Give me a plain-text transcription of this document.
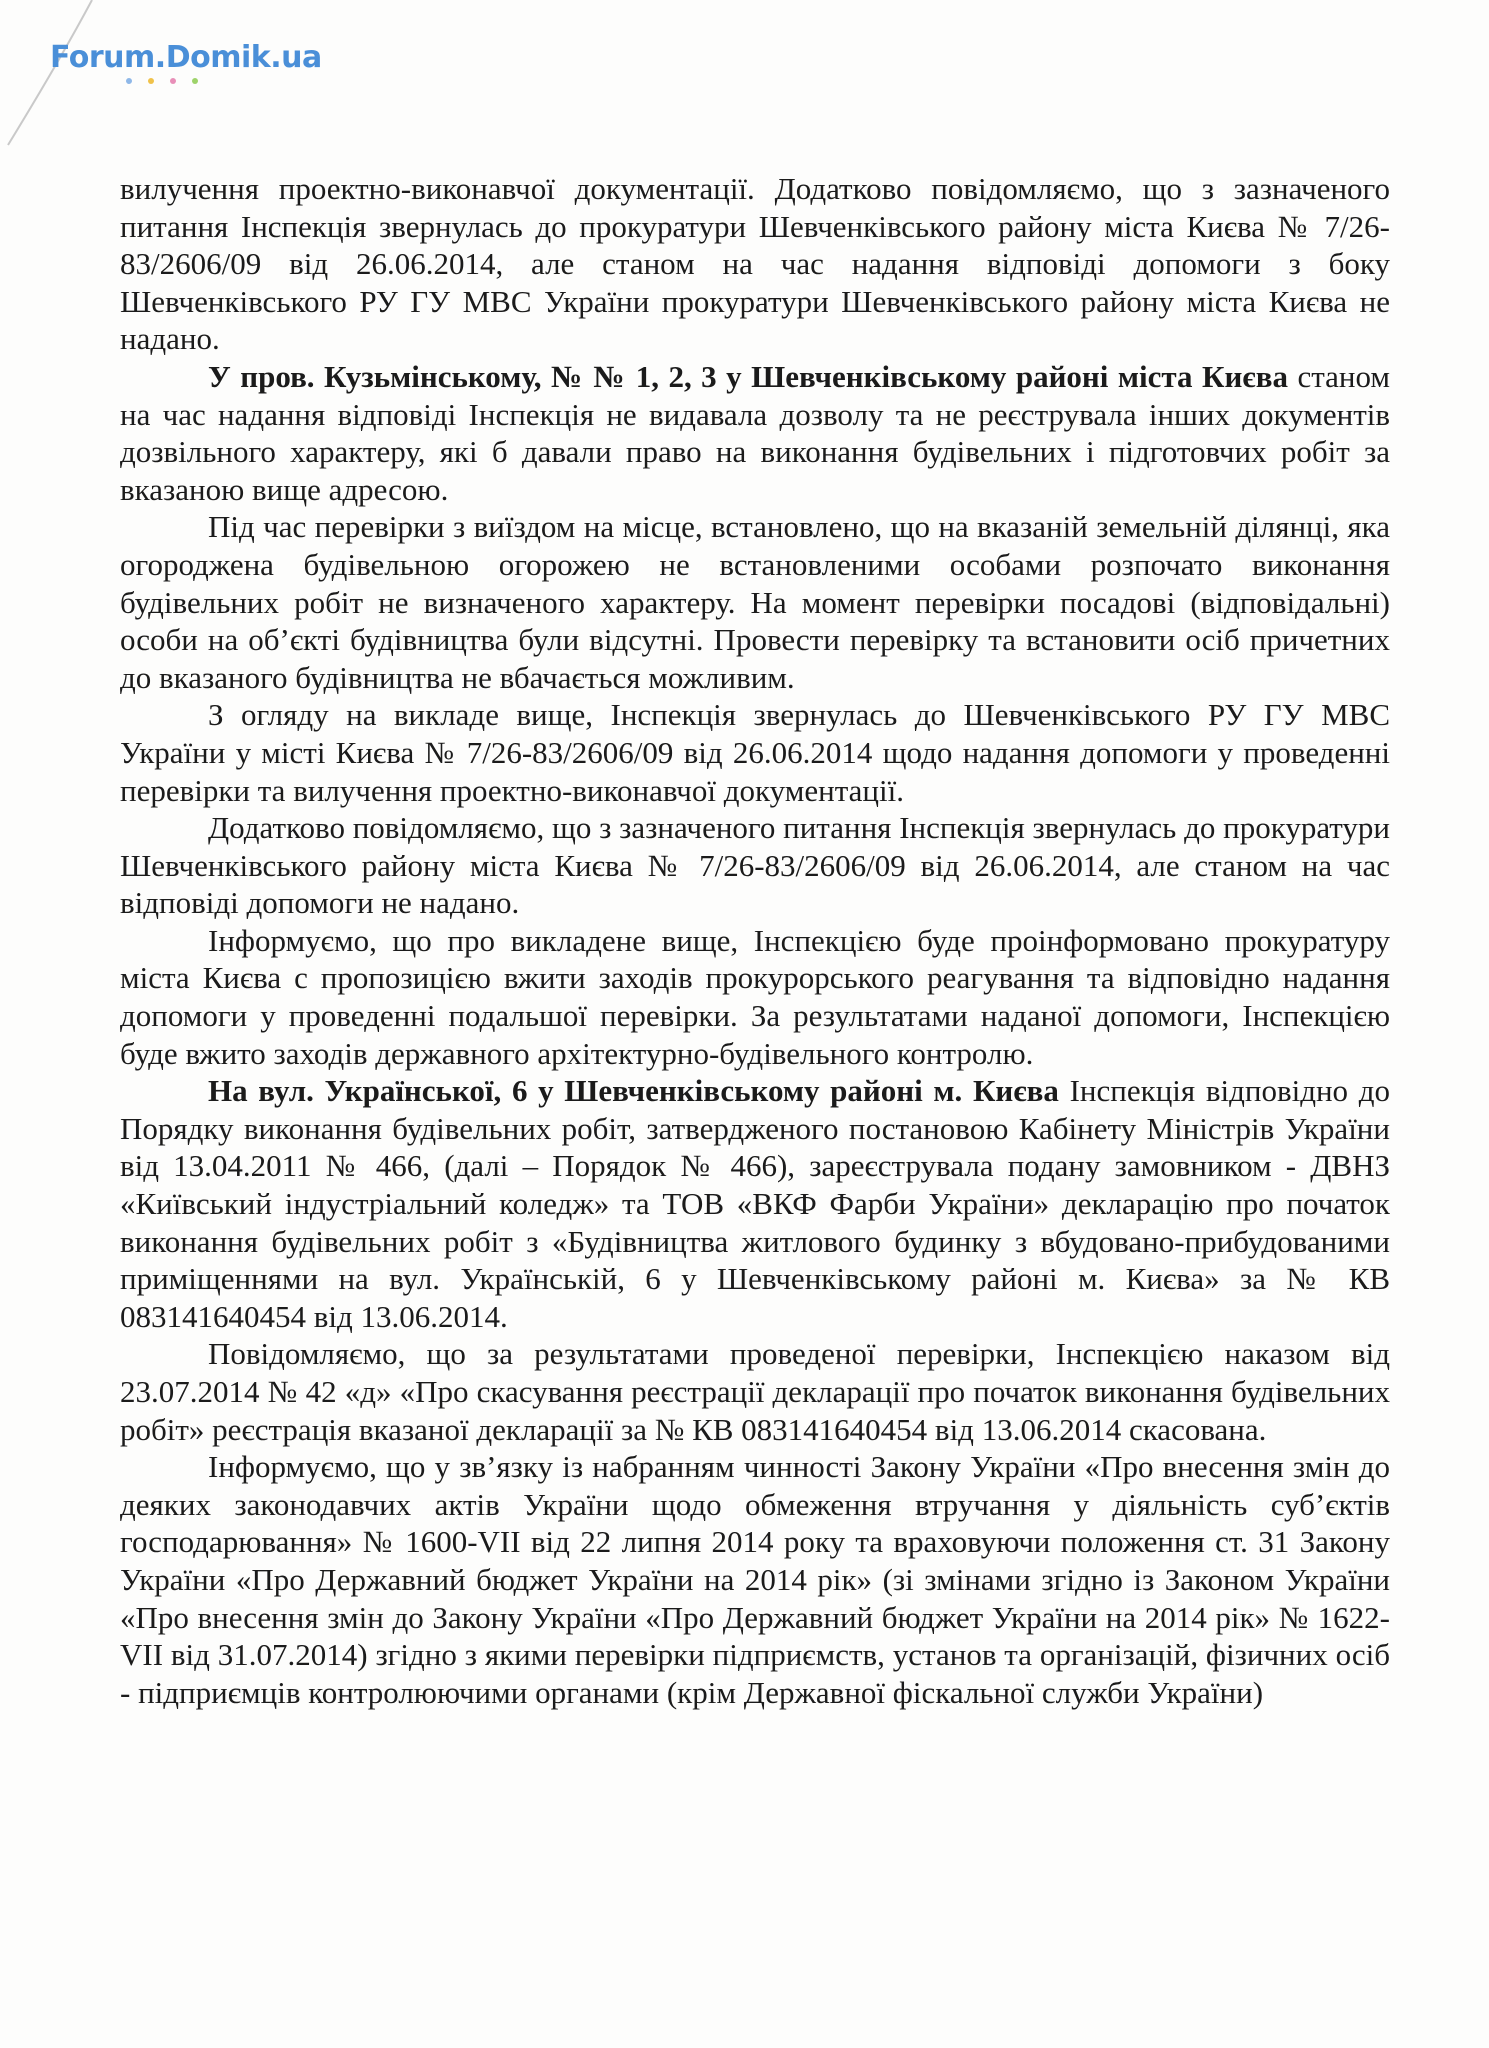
Forum.Domik.ua

вилучення проектно-виконавчої документації. Додатково повідомляємо, що з зазначеного питання Інспекція звернулась до прокуратури Шевченківського району міста Києва № 7/26-83/2606/09 від 26.06.2014, але станом на час надання відповіді допомоги з боку Шевченківського РУ ГУ МВС України прокуратури Шевченківського району міста Києва не надано.

У пров. Кузьмінському, № № 1, 2, 3 у Шевченківському районі міста Києва станом на час надання відповіді Інспекція не видавала дозволу та не реєструвала інших документів дозвільного характеру, які б давали право на виконання будівельних і підготовчих робіт за вказаною вище адресою.

Під час перевірки з виїздом на місце, встановлено, що на вказаній земельній ділянці, яка огороджена будівельною огорожею не встановленими особами розпочато виконання будівельних робіт не визначеного характеру. На момент перевірки посадові (відповідальні) особи на об’єкті будівництва були відсутні. Провести перевірку та встановити осіб причетних до вказаного будівництва не вбачається можливим.

З огляду на викладе вище, Інспекція звернулась до Шевченківського РУ ГУ МВС України у місті Києва № 7/26-83/2606/09 від 26.06.2014 щодо надання допомоги у проведенні перевірки та вилучення проектно-виконавчої документації.

Додатково повідомляємо, що з зазначеного питання Інспекція звернулась до прокуратури Шевченківського району міста Києва № 7/26-83/2606/09 від 26.06.2014, але станом на час відповіді допомоги не надано.

Інформуємо, що про викладене вище, Інспекцією буде проінформовано прокуратуру міста Києва с пропозицією вжити заходів прокурорського реагування та відповідно надання допомоги у проведенні подальшої перевірки. За результатами наданої допомоги, Інспекцією буде вжито заходів державного архітектурно-будівельного контролю.

На вул. Української, 6 у Шевченківському районі м. Києва Інспекція відповідно до Порядку виконання будівельних робіт, затвердженого постановою Кабінету Міністрів України від 13.04.2011 № 466, (далі – Порядок № 466), зареєструвала подану замовником - ДВНЗ «Київський індустріальний коледж» та ТОВ «ВКФ Фарби України» декларацію про початок виконання будівельних робіт з «Будівництва житлового будинку з вбудовано-прибудованими приміщеннями на вул. Українській, 6 у Шевченківському районі м. Києва» за № КВ 083141640454 від 13.06.2014.

Повідомляємо, що за результатами проведеної перевірки, Інспекцією наказом від 23.07.2014 № 42 «д» «Про скасування реєстрації декларації про початок виконання будівельних робіт» реєстрація вказаної декларації за № КВ 083141640454 від 13.06.2014 скасована.

Інформуємо, що у зв’язку із набранням чинності Закону України «Про внесення змін до деяких законодавчих актів України щодо обмеження втручання у діяльність суб’єктів господарювання» № 1600-VII від 22 липня 2014 року та враховуючи положення ст. 31 Закону України «Про Державний бюджет України на 2014 рік» (зі змінами згідно із Законом України «Про внесення змін до Закону України «Про Державний бюджет України на 2014 рік» № 1622-VII від 31.07.2014) згідно з якими перевірки підприємств, установ та організацій, фізичних осіб - підприємців контролюючими органами (крім Державної фіскальної служби України)
